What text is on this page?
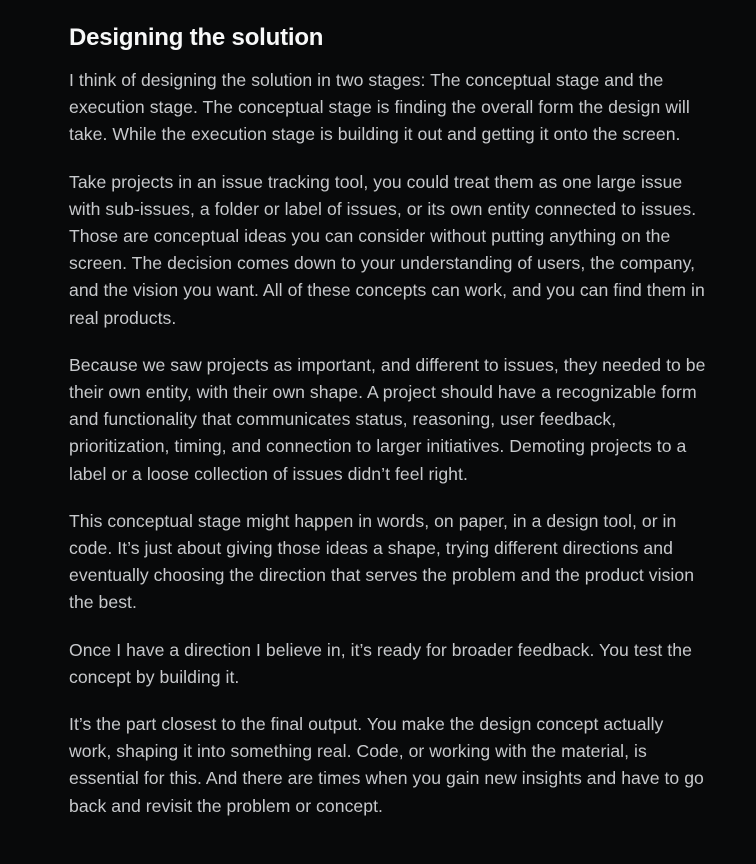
Designing the solution

I think of designing the solution in two stages: The conceptual stage and the execution stage. The conceptual stage is finding the overall form the design will take. While the execution stage is building it out and getting it onto the screen.

Take projects in an issue tracking tool, you could treat them as one large issue with sub-issues, a folder or label of issues, or its own entity connected to issues. Those are conceptual ideas you can consider without putting anything on the screen. The decision comes down to your understanding of users, the company, and the vision you want. All of these concepts can work, and you can find them in real products.

Because we saw projects as important, and different to issues, they needed to be their own entity, with their own shape. A project should have a recognizable form and functionality that communicates status, reasoning, user feedback, prioritization, timing, and connection to larger initiatives. Demoting projects to a label or a loose collection of issues didn’t feel right.

This conceptual stage might happen in words, on paper, in a design tool, or in code. It’s just about giving those ideas a shape, trying different directions and eventually choosing the direction that serves the problem and the product vision the best.

Once I have a direction I believe in, it’s ready for broader feedback. You test the concept by building it.

It’s the part closest to the final output. You make the design concept actually work, shaping it into something real. Code, or working with the material, is essential for this. And there are times when you gain new insights and have to go back and revisit the problem or concept.
